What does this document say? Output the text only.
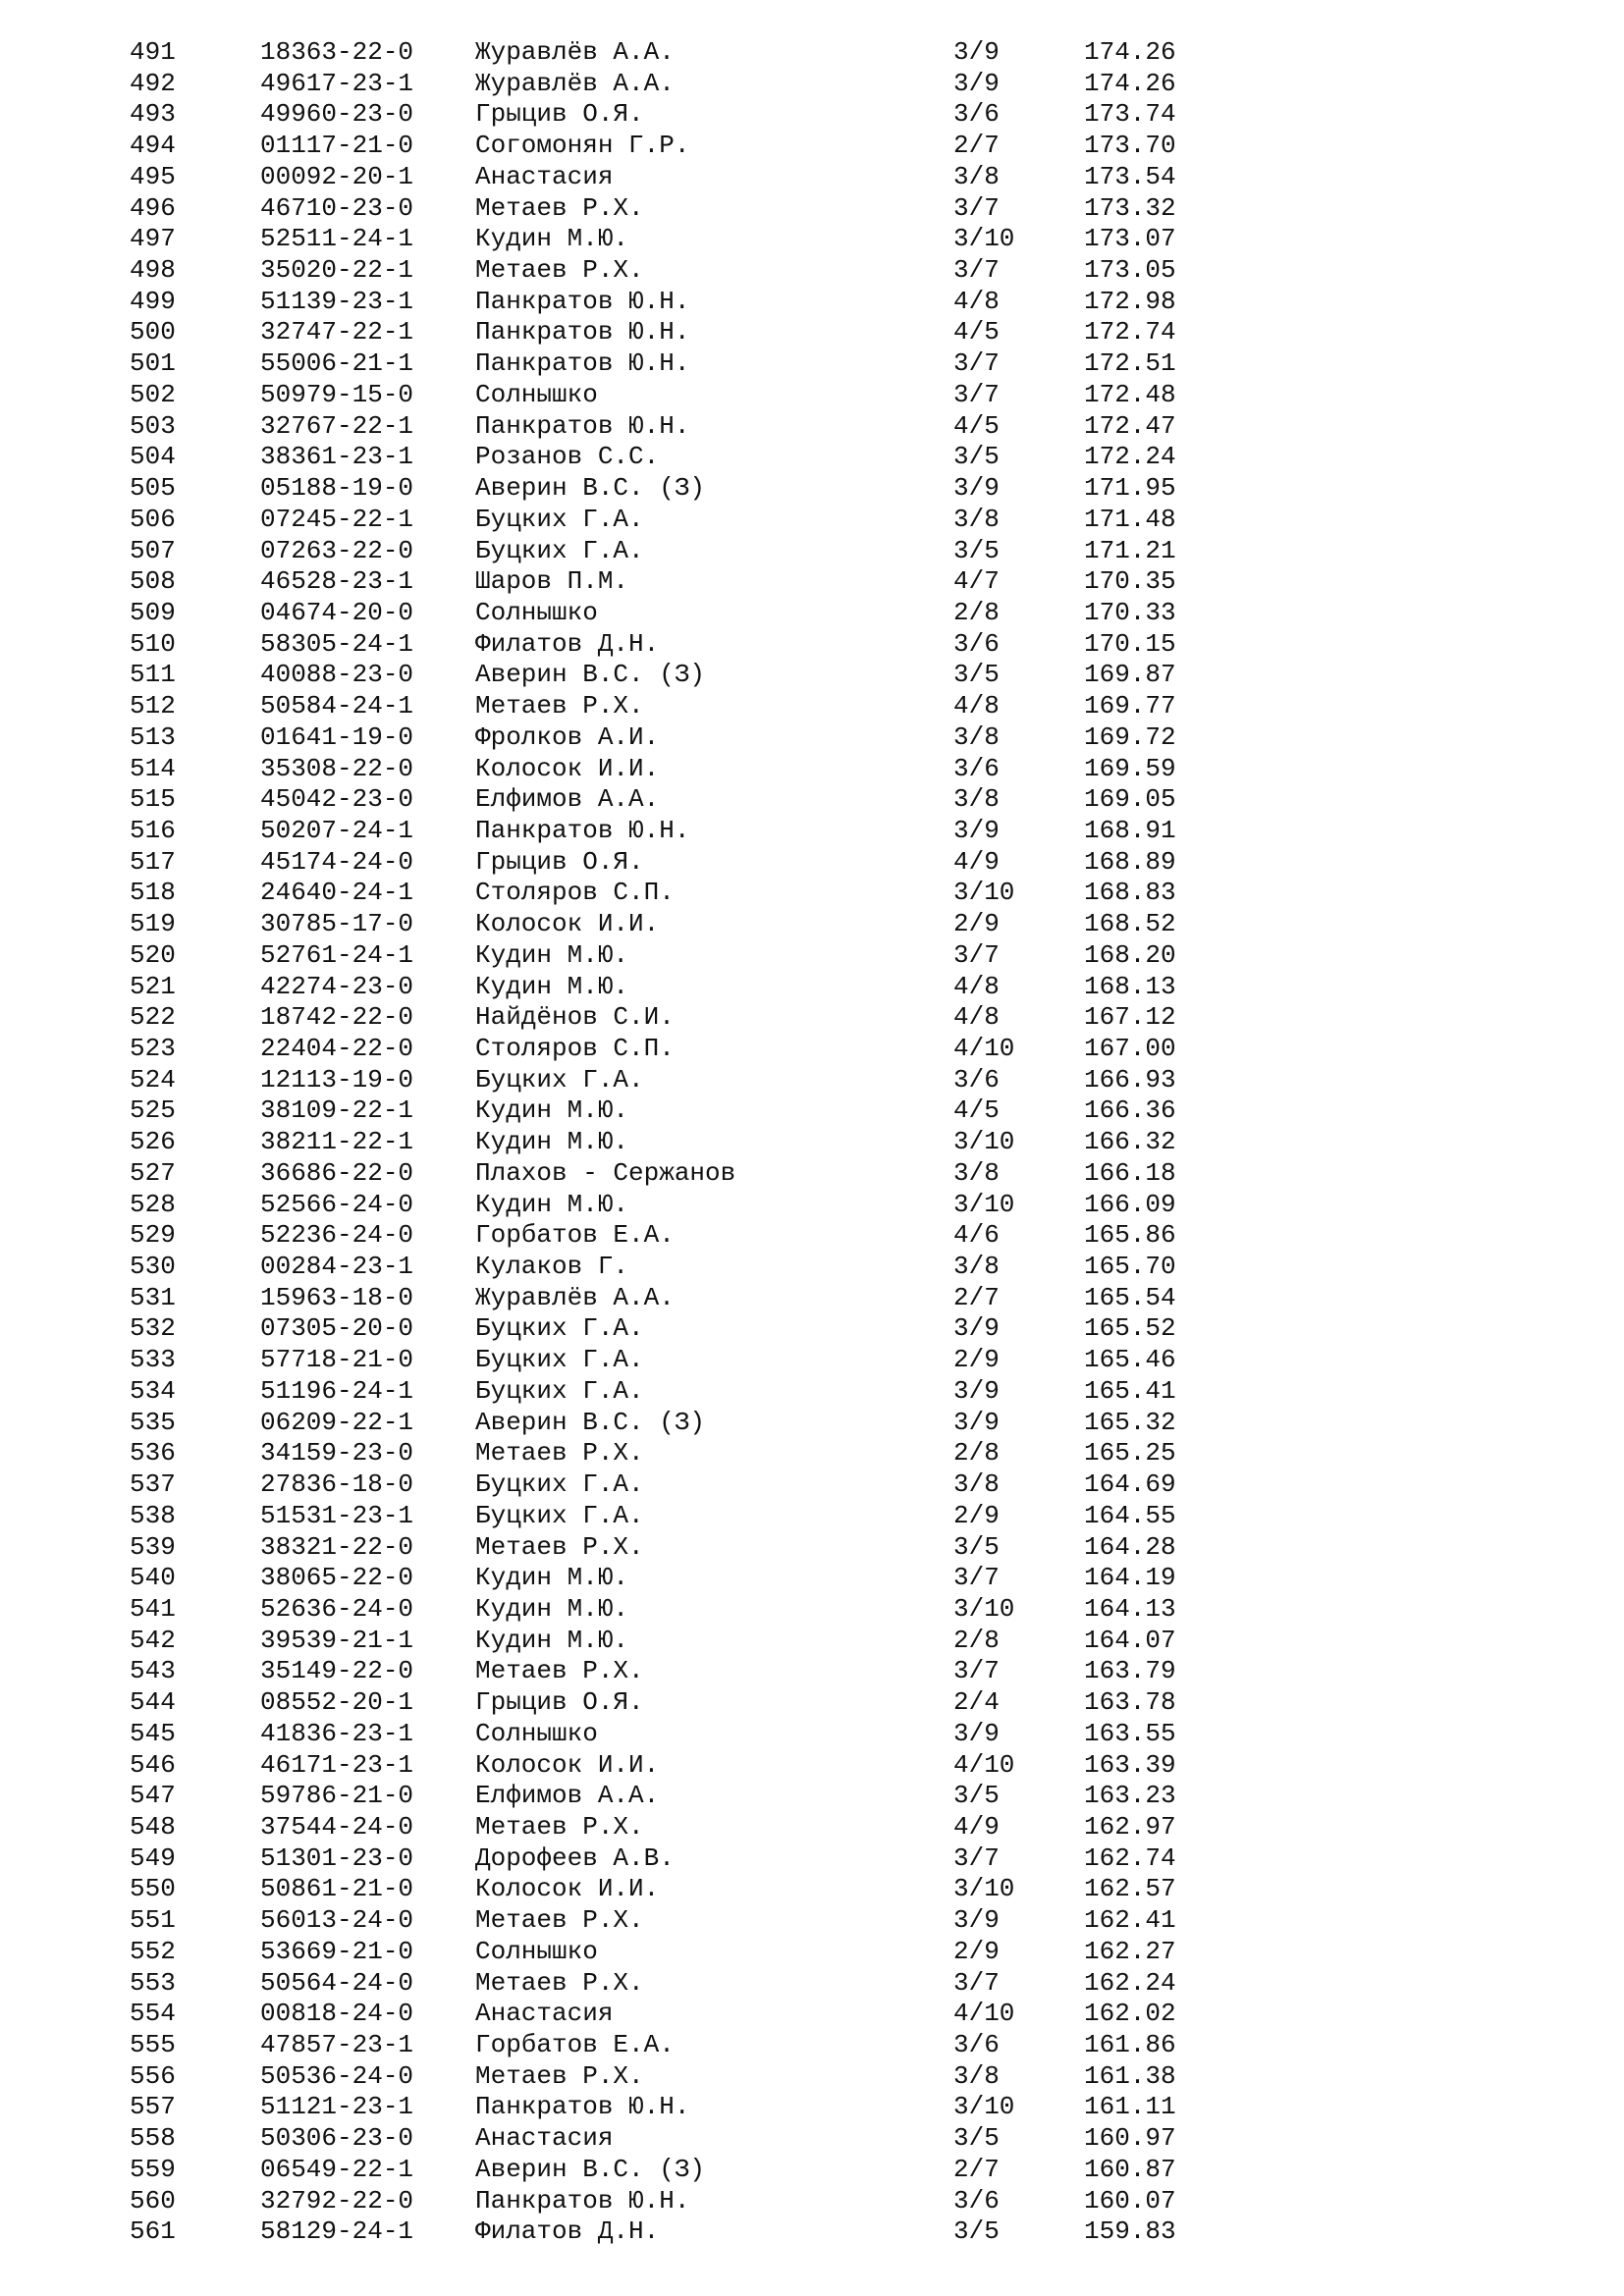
491	18363-22-0 Журавлёв А.А.	3/9	174.26
492	49617-23-1 Журавлёв А.А.	3/9	174.26
493	49960-23-0 Грыцив О.Я.	3/6	173.74
494	01117-21-0 Согомонян Г.Р.	2/7	173.70
495	00092-20-1 Анастасия	3/8	173.54
496	46710-23-0 Метаев Р.Х.	3/7	173.32
497	52511-24-1 Кудин М.Ю.	3/10	173.07
498	35020-22-1 Метаев Р.Х.	3/7	173.05
499	51139-23-1 Панкратов Ю.Н.	4/8	172.98
500	32747-22-1 Панкратов Ю.Н.	4/5	172.74
501	55006-21-1 Панкратов Ю.Н.	3/7	172.51
502	50979-15-0 Солнышко	3/7	172.48
503	32767-22-1 Панкратов Ю.Н.	4/5	172.47
504	38361-23-1 Розанов С.С.	3/5	172.24
505	05188-19-0 Аверин В.С. (З)	3/9	171.95
506	07245-22-1 Буцких Г.А.	3/8	171.48
507	07263-22-0 Буцких Г.А.	3/5	171.21
508	46528-23-1 Шаров П.М.	4/7	170.35
509	04674-20-0 Солнышко	2/8	170.33
510	58305-24-1 Филатов Д.Н.	3/6	170.15
511	40088-23-0 Аверин В.С. (З)	3/5	169.87
512	50584-24-1 Метаев Р.Х.	4/8	169.77
513	01641-19-0 Фролков А.И.	3/8	169.72
514	35308-22-0 Колосок И.И.	3/6	169.59
515	45042-23-0 Елфимов А.А.	3/8	169.05
516	50207-24-1 Панкратов Ю.Н.	3/9	168.91
517	45174-24-0 Грыцив О.Я.	4/9	168.89
518	24640-24-1 Столяров С.П.	3/10	168.83
519	30785-17-0 Колосок И.И.	2/9	168.52
520	52761-24-1 Кудин М.Ю.	3/7	168.20
521	42274-23-0 Кудин М.Ю.	4/8	168.13
522	18742-22-0 Найдёнов С.И.	4/8	167.12
523	22404-22-0 Столяров С.П.	4/10	167.00
524	12113-19-0 Буцких Г.А.	3/6	166.93
525	38109-22-1 Кудин М.Ю.	4/5	166.36
526	38211-22-1 Кудин М.Ю.	3/10	166.32
527	36686-22-0 Плахов - Сержанов	3/8	166.18
528	52566-24-0 Кудин М.Ю.	3/10	166.09
529	52236-24-0 Горбатов Е.А.	4/6	165.86
530	00284-23-1 Кулаков Г.	3/8	165.70
531	15963-18-0 Журавлёв А.А.	2/7	165.54
532	07305-20-0 Буцких Г.А.	3/9	165.52
533	57718-21-0 Буцких Г.А.	2/9	165.46
534	51196-24-1 Буцких Г.А.	3/9	165.41
535	06209-22-1 Аверин В.С. (З)	3/9	165.32
536	34159-23-0 Метаев Р.Х.	2/8	165.25
537	27836-18-0 Буцких Г.А.	3/8	164.69
538	51531-23-1 Буцких Г.А.	2/9	164.55
539	38321-22-0 Метаев Р.Х.	3/5	164.28
540	38065-22-0 Кудин М.Ю.	3/7	164.19
541	52636-24-0 Кудин М.Ю.	3/10	164.13
542	39539-21-1 Кудин М.Ю.	2/8	164.07
543	35149-22-0 Метаев Р.Х.	3/7	163.79
544	08552-20-1 Грыцив О.Я.	2/4	163.78
545	41836-23-1 Солнышко	3/9	163.55
546	46171-23-1 Колосок И.И.	4/10	163.39
547	59786-21-0 Елфимов А.А.	3/5	163.23
548	37544-24-0 Метаев Р.Х.	4/9	162.97
549	51301-23-0 Дорофеев А.В.	3/7	162.74
550	50861-21-0 Колосок И.И.	3/10	162.57
551	56013-24-0 Метаев Р.Х.	3/9	162.41
552	53669-21-0 Солнышко	2/9	162.27
553	50564-24-0 Метаев Р.Х.	3/7	162.24
554	00818-24-0 Анастасия	4/10	162.02
555	47857-23-1 Горбатов Е.А.	3/6	161.86
556	50536-24-0 Метаев Р.Х.	3/8	161.38
557	51121-23-1 Панкратов Ю.Н.	3/10	161.11
558	50306-23-0 Анастасия	3/5	160.97
559	06549-22-1 Аверин В.С. (З)	2/7	160.87
560	32792-22-0 Панкратов Ю.Н.	3/6	160.07
561	58129-24-1 Филатов Д.Н.	3/5	159.83
